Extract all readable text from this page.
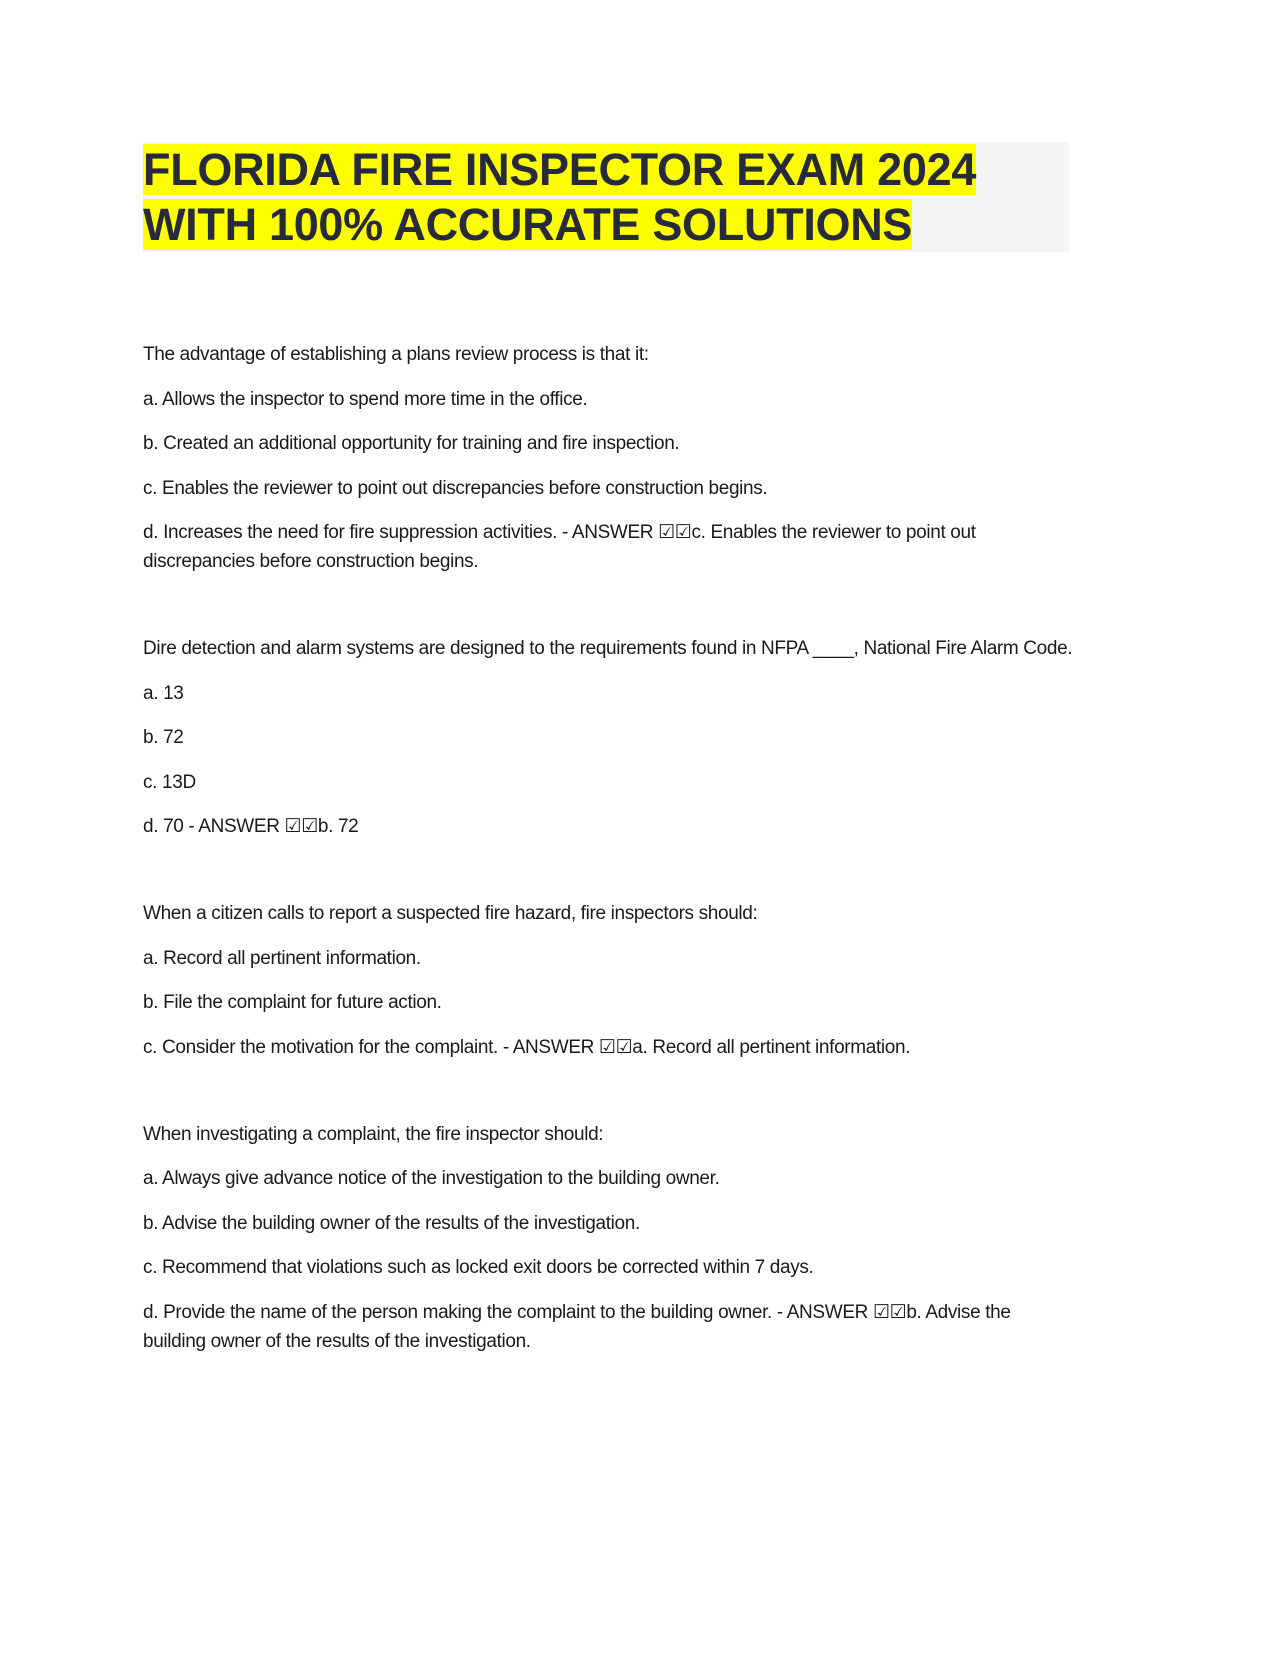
FLORIDA FIRE INSPECTOR EXAM 2024
WITH 100% ACCURATE SOLUTIONS

The advantage of establishing a plans review process is that it:

a. Allows the inspector to spend more time in the office.

b. Created an additional opportunity for training and fire inspection.

c. Enables the reviewer to point out discrepancies before construction begins.

d. Increases the need for fire suppression activities. - ANSWER ☑☑c. Enables the reviewer to point out discrepancies before construction begins.

Dire detection and alarm systems are designed to the requirements found in NFPA ____, National Fire Alarm Code.

a. 13

b. 72

c. 13D

d. 70 - ANSWER ☑☑b. 72

When a citizen calls to report a suspected fire hazard, fire inspectors should:

a. Record all pertinent information.

b. File the complaint for future action.

c. Consider the motivation for the complaint. - ANSWER ☑☑a. Record all pertinent information.

When investigating a complaint, the fire inspector should:

a. Always give advance notice of the investigation to the building owner.

b. Advise the building owner of the results of the investigation.

c. Recommend that violations such as locked exit doors be corrected within 7 days.

d. Provide the name of the person making the complaint to the building owner. - ANSWER ☑☑b. Advise the building owner of the results of the investigation.
